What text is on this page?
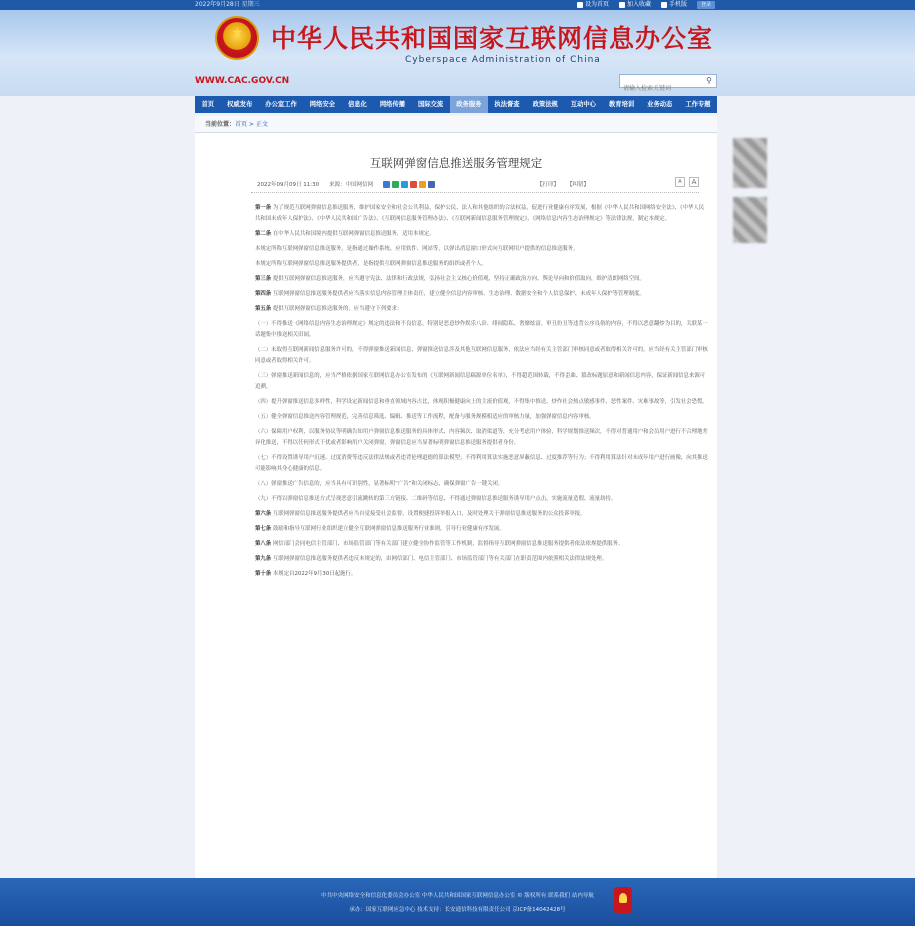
2022年9月28日 星期三	设为首页	加入收藏	手机版	登录
★ 中华人民共和国国家互联网信息办公室
Cyberspace Administration of China
WWW.CAC.GOV.CN
请输入检索关键词	⚲
首页	权威发布	办公室工作	网络安全	信息化	网络传播	国际交流	政务服务	执法督查	政策法规	互动中心	教育培训	业务动态	工作专题
当前位置：首页 > 正文
互联网弹窗信息推送服务管理规定
2022年09月09日 11:30 来源：中国网信网	【打印】 【纠错】	A	A

第一条 为了规范互联网弹窗信息推送服务，维护国家安全和社会公共利益，保护公民、法人和其他组织的合法权益，促进行业健康有序发展，根据《中华人民共和国网络安全法》、《中华人民共和国未成年人保护法》、《中华人民共和国广告法》、《互联网信息服务管理办法》、《互联网新闻信息服务管理规定》、《网络信息内容生态治理规定》等法律法规，制定本规定。

第二条 在中华人民共和国境内提供互联网弹窗信息推送服务，适用本规定。

本规定所称互联网弹窗信息推送服务，是指通过操作系统、应用软件、网站等，以弹出消息窗口形式向互联网用户提供的信息推送服务。

本规定所称互联网弹窗信息推送服务提供者，是指提供互联网弹窗信息推送服务的组织或者个人。

第三条 提供互联网弹窗信息推送服务，应当遵守宪法、法律和行政法规，弘扬社会主义核心价值观，坚持正确政治方向、舆论导向和价值取向，维护清朗网络空间。

第四条 互联网弹窗信息推送服务提供者应当落实信息内容管理主体责任，建立健全信息内容审核、生态治理、数据安全和个人信息保护、未成年人保护等管理制度。

第五条 提供互联网弹窗信息推送服务的，应当遵守下列要求：

（一）不得推送《网络信息内容生态治理规定》规定的违法和不良信息，特别是恶意炒作娱乐八卦、绯闻隐私、奢靡炫富、审丑扮丑等违背公序良俗的内容，不得以恶意翻炒为目的，关联某一话题集中推送相关旧闻。

（二）未取得互联网新闻信息服务许可的，不得弹窗推送新闻信息，弹窗推送信息涉及其他互联网信息服务，依法应当经有关主管部门审核同意或者取得相关许可的，应当经有关主管部门审核同意或者取得相关许可。

（三）弹窗推送新闻信息的，应当严格依据国家互联网信息办公室发布的《互联网新闻信息稿源单位名单》，不得超范围转载，不得歪曲、篡改标题原意和新闻信息内容，保证新闻信息来源可追溯。

（四）提升弹窗推送信息多样性，科学设定新闻信息和垂直领域内容占比，体现积极健康向上的主流价值观，不得集中推送、炒作社会热点敏感事件、恶性案件、灾难事故等，引发社会恐慌。

（五）健全弹窗信息推送内容管理规范，完善信息筛选、编辑、推送等工作流程，配备与服务规模相适应的审核力量，加强弹窗信息内容审核。

（六）保障用户权利，以服务协议等明确告知用户弹窗信息推送服务的具体形式、内容频次、取消渠道等，充分考虑用户体验，科学规划推送频次，不得对普通用户和会员用户进行不合理地差异化推送，不得以任何形式干扰或者影响用户关闭弹窗，弹窗信息应当显著标明弹窗信息推送服务提供者身份。

（七）不得设置诱导用户沉迷、过度消费等违反法律法规或者违背伦理道德的算法模型；不得利用算法实施恶意屏蔽信息、过度推荐等行为；不得利用算法针对未成年用户进行画像，向其推送可能影响其身心健康的信息。

（八）弹窗推送广告信息的，应当具有可识别性，显著标明“广告”和关闭标志，确保弹窗广告一键关闭。

（九）不得以弹窗信息推送方式呈现恶意引流跳转的第三方链接、二维码等信息，不得通过弹窗信息推送服务诱导用户点击，实施流量造假、流量劫持。

第六条 互联网弹窗信息推送服务提供者应当自觉接受社会监督，设置便捷投诉举报入口，及时处理关于弹窗信息推送服务的公众投诉举报。

第七条 鼓励和指导互联网行业组织建立健全互联网弹窗信息推送服务行业准则，引导行业健康有序发展。

第八条 网信部门会同电信主管部门、市场监管部门等有关部门建立健全协作监管等工作机制，监督指导互联网弹窗信息推送服务提供者依法依规提供服务。

第九条 互联网弹窗信息推送服务提供者违反本规定的，由网信部门、电信主管部门、市场监管部门等有关部门在职责范围内依照相关法律法规处理。

第十条 本规定自2022年9月30日起施行。

中共中央网络安全和信息化委员会办公室 中华人民共和国国家互联网信息办公室 © 版权所有 联系我们 站内导航
承办：国家互联网应急中心 技术支持：长安通信科技有限责任公司 京ICP备14042428号
